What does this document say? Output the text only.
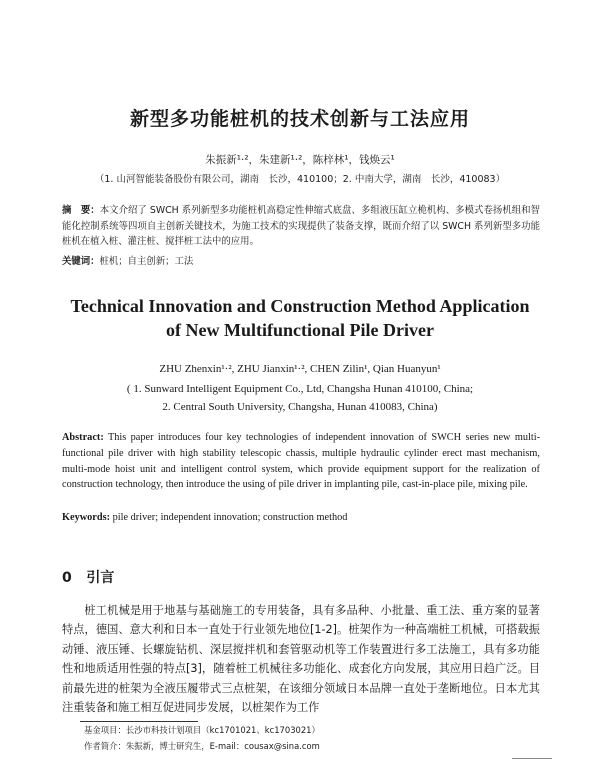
新型多功能桩机的技术创新与工法应用
朱振新¹·²，朱建新¹·²，陈梓林¹，钱焕云¹
（1. 山河智能装备股份有限公司，湖南　长沙，410100；2. 中南大学，湖南　长沙，410083）
摘　要：本文介绍了 SWCH 系列新型多功能桩机高稳定性伸缩式底盘、多组液压缸立桅机构、多模式卷扬机组和智能化控制系统等四项自主创新关键技术，为施工技术的实现提供了装备支撑，既而介绍了以 SWCH 系列新型多功能桩机在植入桩、灌注桩、搅拌桩工法中的应用。
关键词：桩机；自主创新；工法
Technical Innovation and Construction Method Application
of New Multifunctional Pile Driver
ZHU Zhenxin¹·², ZHU Jianxin¹·², CHEN Zilin¹, Qian Huanyun¹
( 1. Sunward Intelligent Equipment Co., Ltd, Changsha Hunan 410100, China;
2. Central South University, Changsha, Hunan 410083, China)
Abstract: This paper introduces four key technologies of independent innovation of SWCH series new multi-functional pile driver with high stability telescopic chassis, multiple hydraulic cylinder erect mast mechanism, multi-mode hoist unit and intelligent control system, which provide equipment support for the realization of construction technology, then introduce the using of pile driver in implanting pile, cast-in-place pile, mixing pile.
Keywords: pile driver; independent innovation; construction method
0 引言
桩工机械是用于地基与基础施工的专用装备，具有多品种、小批量、重工法、重方案的显著特点，德国、意大利和日本一直处于行业领先地位[1-2]。桩架作为一种高端桩工机械，可搭载振动锤、液压锤、长螺旋钻机、深层搅拌机和套管驱动机等工作装置进行多工法施工，具有多功能性和地质适用性强的特点[3]，随着桩工机械往多功能化、成套化方向发展，其应用日趋广泛。目前最先进的桩架为全液压履带式三点桩架，在该细分领域日本品牌一直处于垄断地位。日本尤其注重装备和施工相互促进同步发展，以桩架作为工作
基金项目：长沙市科技计划项目（kc1701021、kc1703021）
作者简介：朱振新，博士研究生，E-mail：cousax@sina.com
